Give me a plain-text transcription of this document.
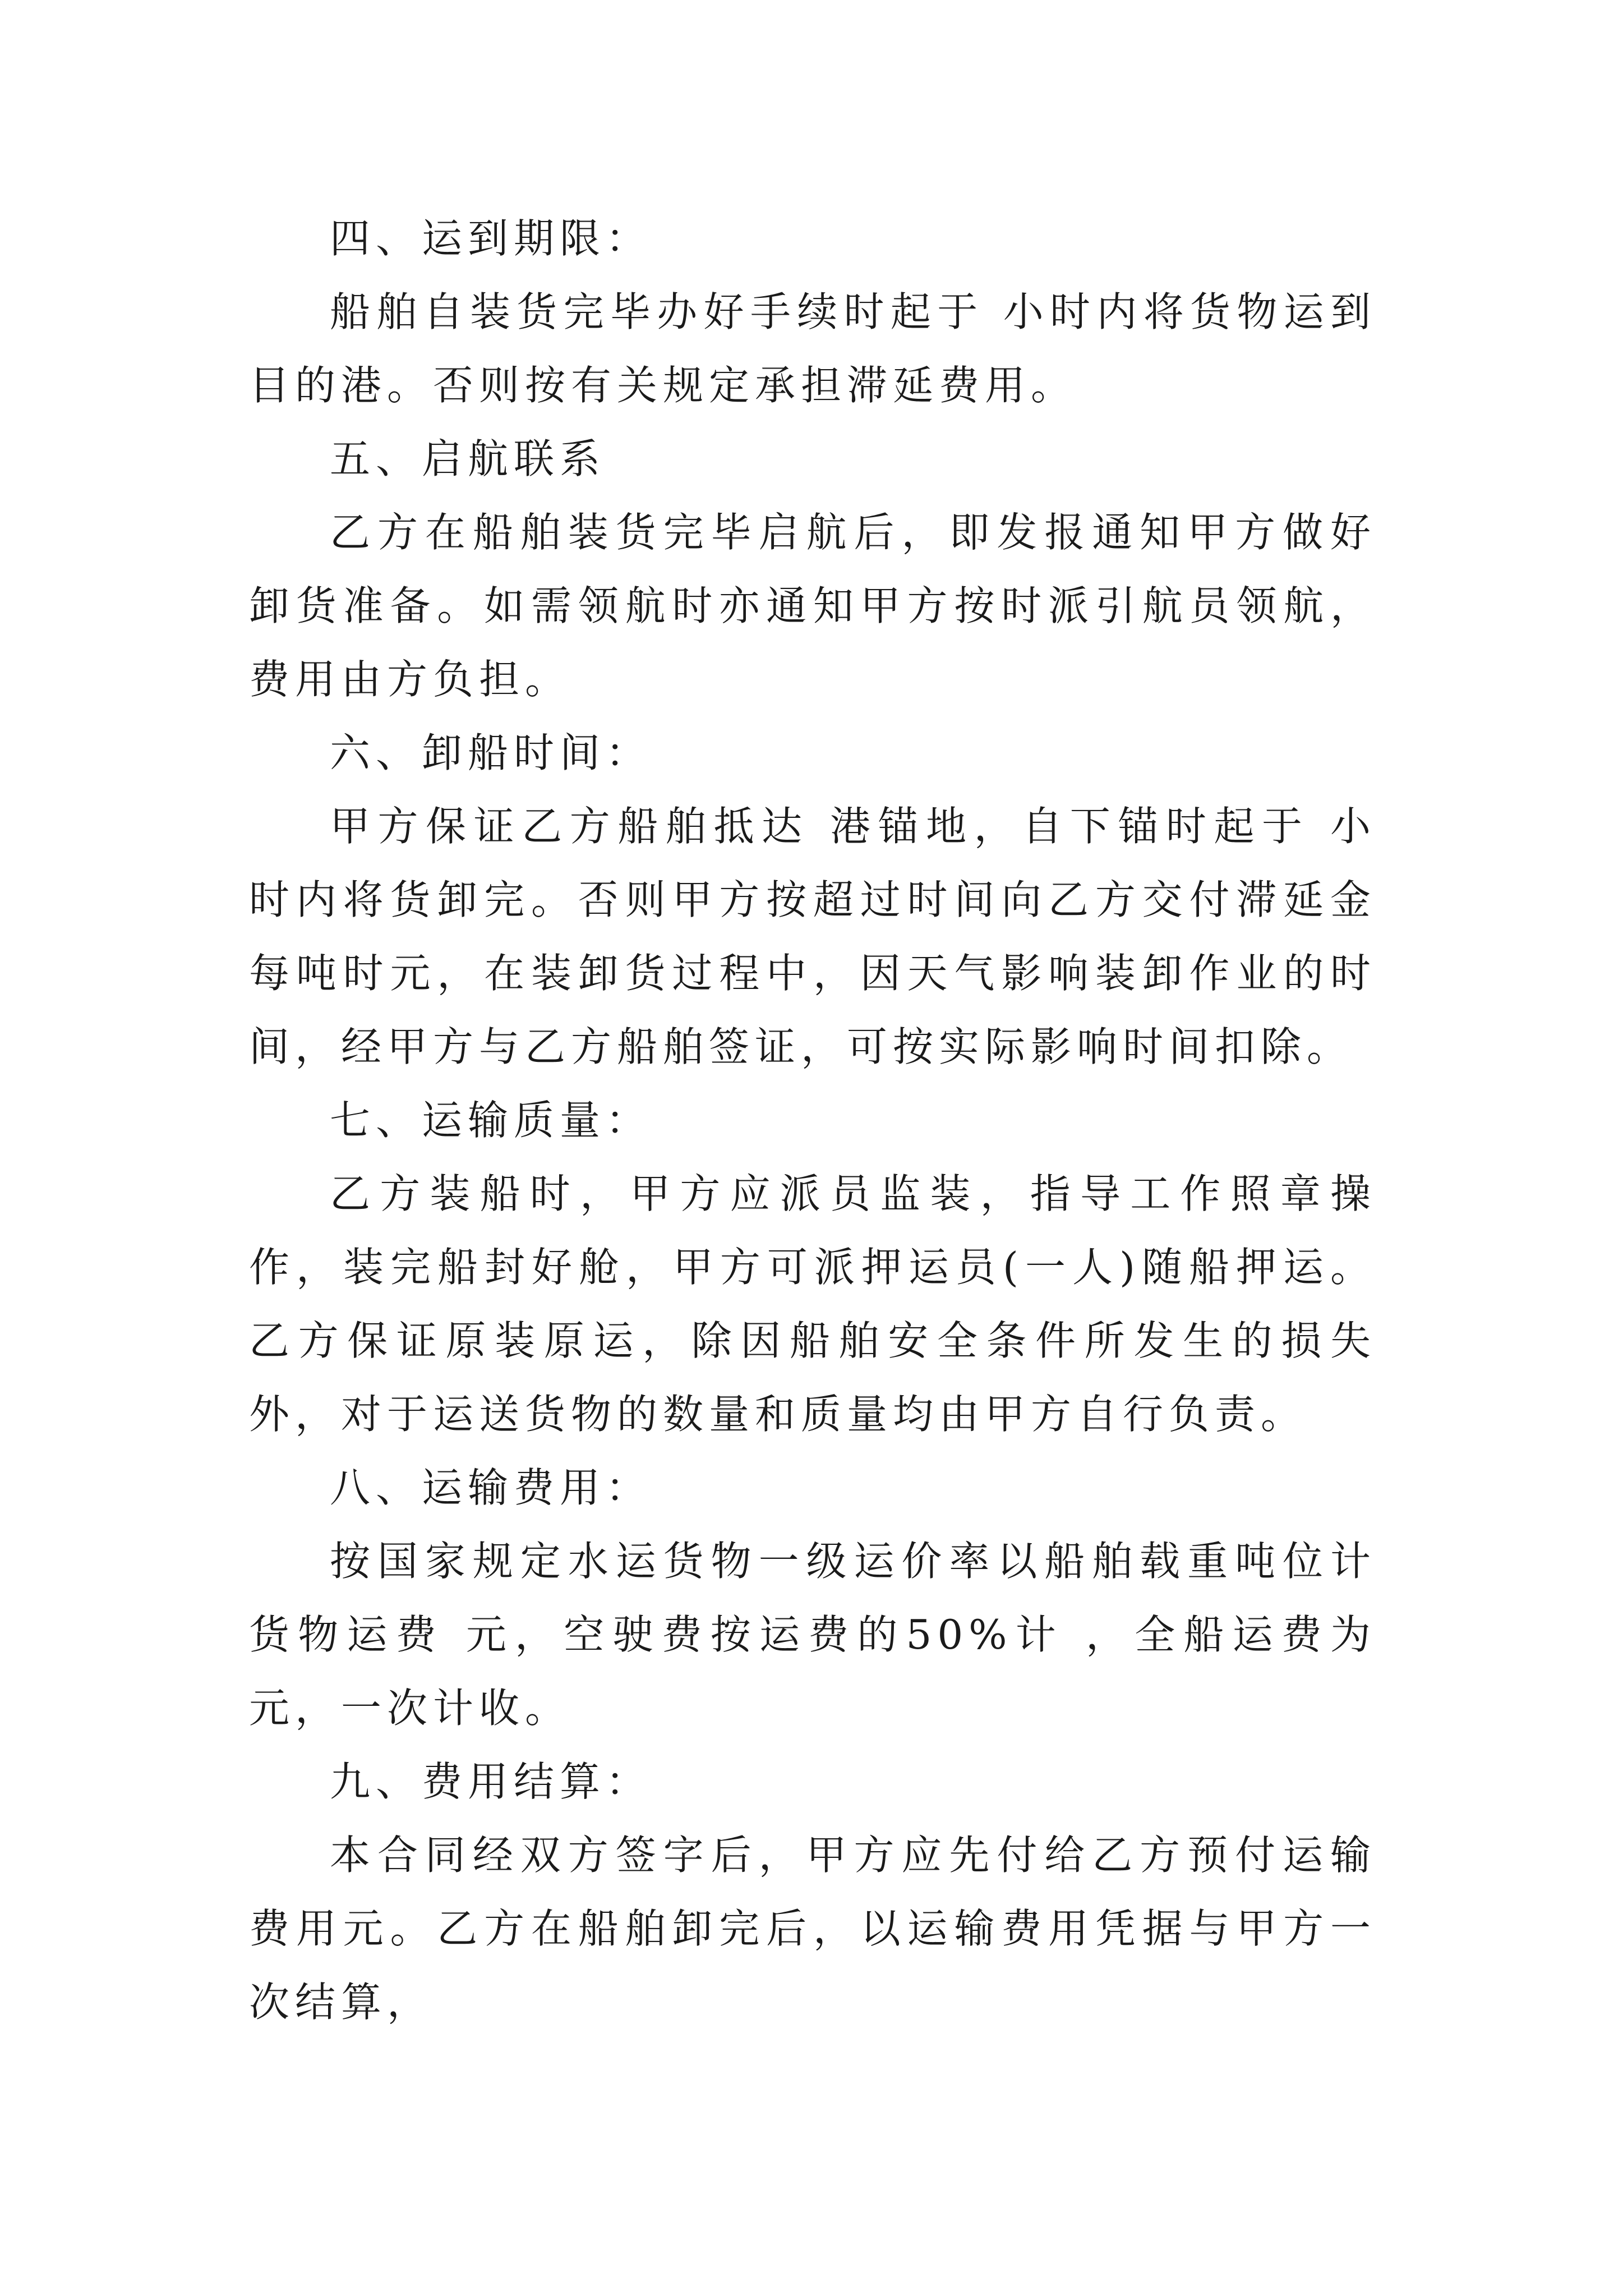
四、运到期限：

船舶自装货完毕办好手续时起于 小时内将货物运到目的港。否则按有关规定承担滞延费用。

五、启航联系

乙方在船舶装货完毕启航后，即发报通知甲方做好卸货准备。如需领航时亦通知甲方按时派引航员领航，费用由方负担。

六、卸船时间：

甲方保证乙方船舶抵达 港锚地，自下锚时起于 小时内将货卸完。否则甲方按超过时间向乙方交付滞延金每吨时元，在装卸货过程中，因天气影响装卸作业的时间，经甲方与乙方船舶签证，可按实际影响时间扣除。

七、运输质量：

乙方装船时，甲方应派员监装，指导工作照章操作，装完船封好舱，甲方可派押运员(一人)随船押运。乙方保证原装原运，除因船舶安全条件所发生的损失外，对于运送货物的数量和质量均由甲方自行负责。

八、运输费用：

按国家规定水运货物一级运价率以船舶载重吨位计货物运费 元，空驶费按运费的50%计 ，全船运费为 元，一次计收。

九、费用结算：

本合同经双方签字后，甲方应先付给乙方预付运输费用元。乙方在船舶卸完后，以运输费用凭据与甲方一次结算，
